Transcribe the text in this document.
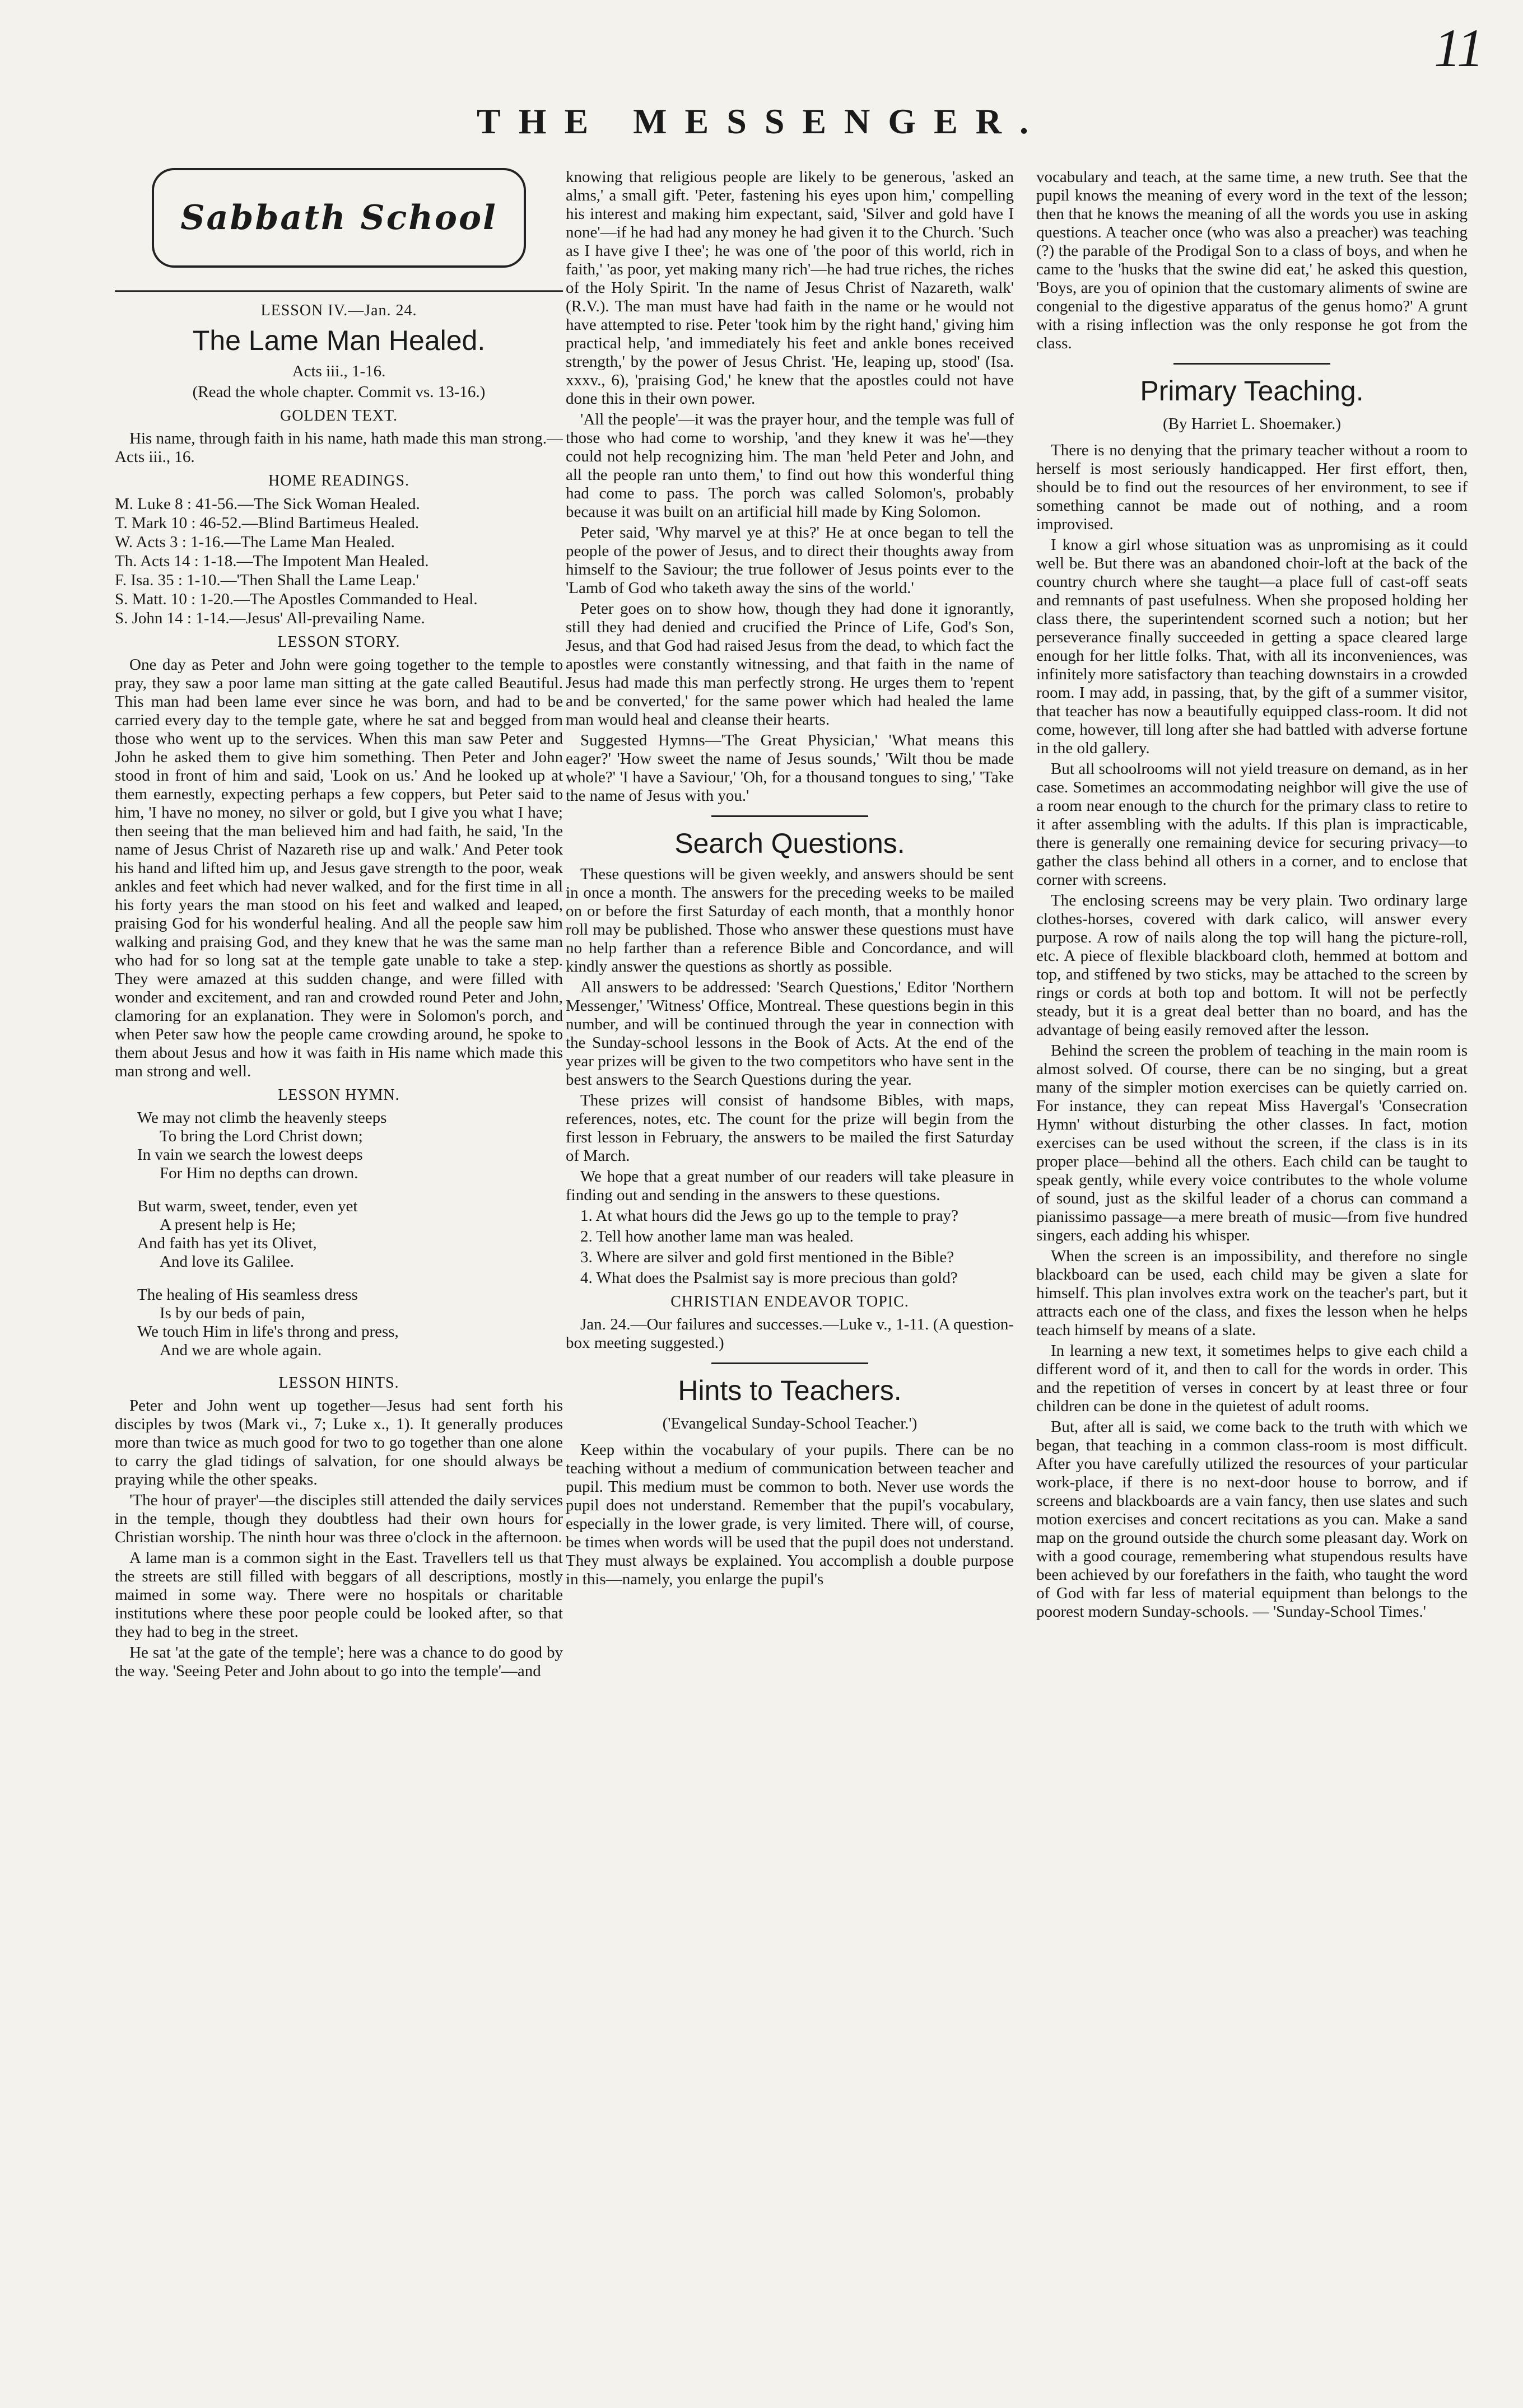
11
THE MESSENGER.
Sabbath School
LESSON IV.—Jan. 24.
The Lame Man Healed.
Acts iii., 1-16.
(Read the whole chapter. Commit vs. 13-16.)
GOLDEN TEXT.

His name, through faith in his name, hath made this man strong.—Acts iii., 16.

HOME READINGS.
M. Luke 8 : 41-56.—The Sick Woman Healed.
T. Mark 10 : 46-52.—Blind Bartimeus Healed.
W. Acts 3 : 1-16.—The Lame Man Healed.
Th. Acts 14 : 1-18.—The Impotent Man Healed.
F. Isa. 35 : 1-10.—'Then Shall the Lame Leap.'
S. Matt. 10 : 1-20.—The Apostles Commanded to Heal.
S. John 14 : 1-14.—Jesus' All-prevailing Name.
LESSON STORY.

One day as Peter and John were going together to the temple to pray, they saw a poor lame man sitting at the gate called Beautiful. This man had been lame ever since he was born, and had to be carried every day to the temple gate, where he sat and begged from those who went up to the services. When this man saw Peter and John he asked them to give him something. Then Peter and John stood in front of him and said, 'Look on us.' And he looked up at them earnestly, expecting perhaps a few coppers, but Peter said to him, 'I have no money, no silver or gold, but I give you what I have; then seeing that the man believed him and had faith, he said, 'In the name of Jesus Christ of Nazareth rise up and walk.' And Peter took his hand and lifted him up, and Jesus gave strength to the poor, weak ankles and feet which had never walked, and for the first time in all his forty years the man stood on his feet and walked and leaped, praising God for his wonderful healing. And all the people saw him walking and praising God, and they knew that he was the same man who had for so long sat at the temple gate unable to take a step. They were amazed at this sudden change, and were filled with wonder and excitement, and ran and crowded round Peter and John, clamoring for an explanation. They were in Solomon's porch, and when Peter saw how the people came crowding around, he spoke to them about Jesus and how it was faith in His name which made this man strong and well.

LESSON HYMN.
We may not climb the heavenly steeps
To bring the Lord Christ down;
In vain we search the lowest deeps
For Him no depths can drown.
But warm, sweet, tender, even yet
A present help is He;
And faith has yet its Olivet,
And love its Galilee.
The healing of His seamless dress
Is by our beds of pain,
We touch Him in life's throng and press,
And we are whole again.
LESSON HINTS.

Peter and John went up together—Jesus had sent forth his disciples by twos (Mark vi., 7; Luke x., 1). It generally produces more than twice as much good for two to go together than one alone to carry the glad tidings of salvation, for one should always be praying while the other speaks.

'The hour of prayer'—the disciples still attended the daily services in the temple, though they doubtless had their own hours for Christian worship. The ninth hour was three o'clock in the afternoon.

A lame man is a common sight in the East. Travellers tell us that the streets are still filled with beggars of all descriptions, mostly maimed in some way. There were no hospitals or charitable institutions where these poor people could be looked after, so that they had to beg in the street.

He sat 'at the gate of the temple'; here was a chance to do good by the way. 'Seeing Peter and John about to go into the temple'—and

knowing that religious people are likely to be generous, 'asked an alms,' a small gift. 'Peter, fastening his eyes upon him,' compelling his interest and making him expectant, said, 'Silver and gold have I none'—if he had had any money he had given it to the Church. 'Such as I have give I thee'; he was one of 'the poor of this world, rich in faith,' 'as poor, yet making many rich'—he had true riches, the riches of the Holy Spirit. 'In the name of Jesus Christ of Nazareth, walk' (R.V.). The man must have had faith in the name or he would not have attempted to rise. Peter 'took him by the right hand,' giving him practical help, 'and immediately his feet and ankle bones received strength,' by the power of Jesus Christ. 'He, leaping up, stood' (Isa. xxxv., 6), 'praising God,' he knew that the apostles could not have done this in their own power.

'All the people'—it was the prayer hour, and the temple was full of those who had come to worship, 'and they knew it was he'—they could not help recognizing him. The man 'held Peter and John, and all the people ran unto them,' to find out how this wonderful thing had come to pass. The porch was called Solomon's, probably because it was built on an artificial hill made by King Solomon.

Peter said, 'Why marvel ye at this?' He at once began to tell the people of the power of Jesus, and to direct their thoughts away from himself to the Saviour; the true follower of Jesus points ever to the 'Lamb of God who taketh away the sins of the world.'

Peter goes on to show how, though they had done it ignorantly, still they had denied and crucified the Prince of Life, God's Son, Jesus, and that God had raised Jesus from the dead, to which fact the apostles were constantly witnessing, and that faith in the name of Jesus had made this man perfectly strong. He urges them to 'repent and be converted,' for the same power which had healed the lame man would heal and cleanse their hearts.

Suggested Hymns—'The Great Physician,' 'What means this eager?' 'How sweet the name of Jesus sounds,' 'Wilt thou be made whole?' 'I have a Saviour,' 'Oh, for a thousand tongues to sing,' 'Take the name of Jesus with you.'

Search Questions.

These questions will be given weekly, and answers should be sent in once a month. The answers for the preceding weeks to be mailed on or before the first Saturday of each month, that a monthly honor roll may be published. Those who answer these questions must have no help farther than a reference Bible and Concordance, and will kindly answer the questions as shortly as possible.

All answers to be addressed: 'Search Questions,' Editor 'Northern Messenger,' 'Witness' Office, Montreal. These questions begin in this number, and will be continued through the year in connection with the Sunday-school lessons in the Book of Acts. At the end of the year prizes will be given to the two competitors who have sent in the best answers to the Search Questions during the year.

These prizes will consist of handsome Bibles, with maps, references, notes, etc. The count for the prize will begin from the first lesson in February, the answers to be mailed the first Saturday of March.

We hope that a great number of our readers will take pleasure in finding out and sending in the answers to these questions.

1. At what hours did the Jews go up to the temple to pray?
2. Tell how another lame man was healed.
3. Where are silver and gold first mentioned in the Bible?
4. What does the Psalmist say is more precious than gold?
CHRISTIAN ENDEAVOR TOPIC.

Jan. 24.—Our failures and successes.—Luke v., 1-11. (A question-box meeting suggested.)

Hints to Teachers.
('Evangelical Sunday-School Teacher.')

Keep within the vocabulary of your pupils. There can be no teaching without a medium of communication between teacher and pupil. This medium must be common to both. Never use words the pupil does not understand. Remember that the pupil's vocabulary, especially in the lower grade, is very limited. There will, of course, be times when words will be used that the pupil does not understand. They must always be explained. You accomplish a double purpose in this—namely, you enlarge the pupil's

vocabulary and teach, at the same time, a new truth. See that the pupil knows the meaning of every word in the text of the lesson; then that he knows the meaning of all the words you use in asking questions. A teacher once (who was also a preacher) was teaching (?) the parable of the Prodigal Son to a class of boys, and when he came to the 'husks that the swine did eat,' he asked this question, 'Boys, are you of opinion that the customary aliments of swine are congenial to the digestive apparatus of the genus homo?' A grunt with a rising inflection was the only response he got from the class.

Primary Teaching.
(By Harriet L. Shoemaker.)

There is no denying that the primary teacher without a room to herself is most seriously handicapped. Her first effort, then, should be to find out the resources of her environment, to see if something cannot be made out of nothing, and a room improvised.

I know a girl whose situation was as unpromising as it could well be. But there was an abandoned choir-loft at the back of the country church where she taught—a place full of cast-off seats and remnants of past usefulness. When she proposed holding her class there, the superintendent scorned such a notion; but her perseverance finally succeeded in getting a space cleared large enough for her little folks. That, with all its inconveniences, was infinitely more satisfactory than teaching downstairs in a crowded room. I may add, in passing, that, by the gift of a summer visitor, that teacher has now a beautifully equipped class-room. It did not come, however, till long after she had battled with adverse fortune in the old gallery.

But all schoolrooms will not yield treasure on demand, as in her case. Sometimes an accommodating neighbor will give the use of a room near enough to the church for the primary class to retire to it after assembling with the adults. If this plan is impracticable, there is generally one remaining device for securing privacy—to gather the class behind all others in a corner, and to enclose that corner with screens.

The enclosing screens may be very plain. Two ordinary large clothes-horses, covered with dark calico, will answer every purpose. A row of nails along the top will hang the picture-roll, etc. A piece of flexible blackboard cloth, hemmed at bottom and top, and stiffened by two sticks, may be attached to the screen by rings or cords at both top and bottom. It will not be perfectly steady, but it is a great deal better than no board, and has the advantage of being easily removed after the lesson.

Behind the screen the problem of teaching in the main room is almost solved. Of course, there can be no singing, but a great many of the simpler motion exercises can be quietly carried on. For instance, they can repeat Miss Havergal's 'Consecration Hymn' without disturbing the other classes. In fact, motion exercises can be used without the screen, if the class is in its proper place—behind all the others. Each child can be taught to speak gently, while every voice contributes to the whole volume of sound, just as the skilful leader of a chorus can command a pianissimo passage—a mere breath of music—from five hundred singers, each adding his whisper.

When the screen is an impossibility, and therefore no single blackboard can be used, each child may be given a slate for himself. This plan involves extra work on the teacher's part, but it attracts each one of the class, and fixes the lesson when he helps teach himself by means of a slate.

In learning a new text, it sometimes helps to give each child a different word of it, and then to call for the words in order. This and the repetition of verses in concert by at least three or four children can be done in the quietest of adult rooms.

But, after all is said, we come back to the truth with which we began, that teaching in a common class-room is most difficult. After you have carefully utilized the resources of your particular work-place, if there is no next-door house to borrow, and if screens and blackboards are a vain fancy, then use slates and such motion exercises and concert recitations as you can. Make a sand map on the ground outside the church some pleasant day. Work on with a good courage, remembering what stupendous results have been achieved by our forefathers in the faith, who taught the word of God with far less of material equipment than belongs to the poorest modern Sunday-schools. — 'Sunday-School Times.'
